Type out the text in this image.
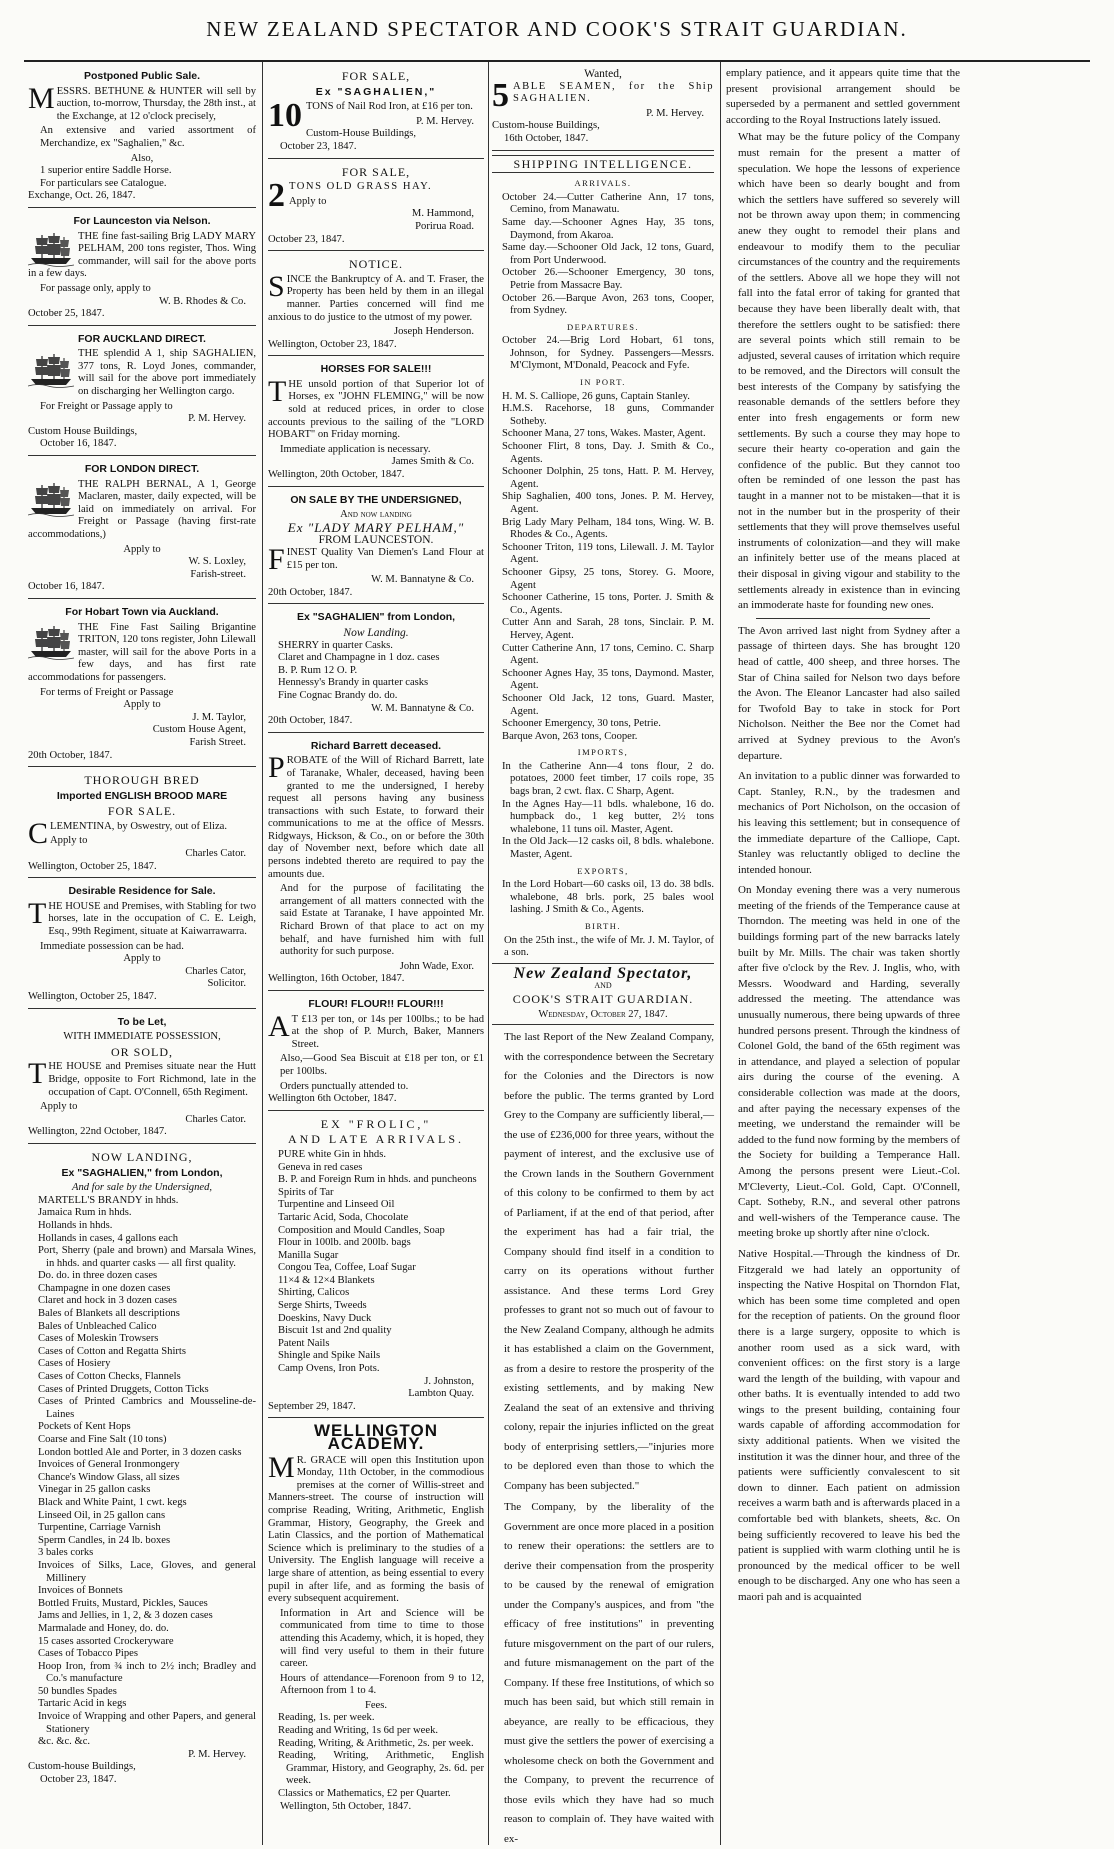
NEW ZEALAND SPECTATOR AND COOK'S STRAIT GUARDIAN.
Postponed Public Sale.
MESSRS. BETHUNE & HUNTER will sell by auction, to-morrow, Thursday, the 28th inst., at the Exchange, at 12 o'clock precisely,
An extensive and varied assortment of Merchandize, ex "Saghalien," &c.
Also,
1 superior entire Saddle Horse.
For particulars see Catalogue.
Exchange, Oct. 26, 1847.
For Launceston via Nelson.
THE fine fast-sailing Brig LADY MARY PELHAM, 200 tons register, Thos. Wing commander, will sail for the above ports in a few days.
For passage only, apply to
W. B. Rhodes & Co.
October 25, 1847.
FOR AUCKLAND DIRECT.
THE splendid A 1, ship SAGHALIEN, 377 tons, R. Loyd Jones, commander, will sail for the above port immediately on discharging her Wellington cargo.
For Freight or Passage apply to
P. M. Hervey.
Custom House Buildings,
October 16, 1847.
FOR LONDON DIRECT.
THE RALPH BERNAL, A 1, George Maclaren, master, daily expected, will be laid on immediately on arrival. For Freight or Passage (having first-rate accommodations,)
Apply to
W. S. Loxley,
Farish-street.
October 16, 1847.
For Hobart Town via Auckland.
THE Fine Fast Sailing Brigantine TRITON, 120 tons register, John Lilewall master, will sail for the above Ports in a few days, and has first rate accommodations for passengers.
For terms of Freight or Passage
Apply to
J. M. Taylor,
Custom House Agent,
Farish Street.
20th October, 1847.
THOROUGH BRED
Imported ENGLISH BROOD MARE
FOR SALE.
CLEMENTINA, by Oswestry, out of Eliza.
Apply to
Charles Cator.
Wellington, October 25, 1847.
Desirable Residence for Sale.
THE HOUSE and Premises, with Stabling for two horses, late in the occupation of C. E. Leigh, Esq., 99th Regiment, situate at Kaiwarrawarra.
Immediate possession can be had.
Apply to
Charles Cator,
Solicitor.
Wellington, October 25, 1847.
To be Let,
WITH IMMEDIATE POSSESSION,
OR SOLD,
THE HOUSE and Premises situate near the Hutt Bridge, opposite to Fort Richmond, late in the occupation of Capt. O'Connell, 65th Regiment.
Apply to
Charles Cator.
Wellington, 22nd October, 1847.
NOW LANDING,
Ex "SAGHALIEN," from London,
And for sale by the Undersigned,
MARTELL'S BRANDY in hhds.
Jamaica Rum in hhds.
Hollands in hhds.
Hollands in cases, 4 gallons each
Port, Sherry (pale and brown) and Marsala Wines, in hhds. and quarter casks — all first quality.
Do. do. in three dozen cases
Champagne in one dozen cases
Claret and hock in 3 dozen cases
Bales of Blankets all descriptions
Bales of Unbleached Calico
Cases of Moleskin Trowsers
Cases of Cotton and Regatta Shirts
Cases of Hosiery
Cases of Cotton Checks, Flannels
Cases of Printed Druggets, Cotton Ticks
Cases of Printed Cambrics and Mousseline-de-Laines
Pockets of Kent Hops
Coarse and Fine Salt (10 tons)
London bottled Ale and Porter, in 3 dozen casks
Invoices of General Ironmongery
Chance's Window Glass, all sizes
Vinegar in 25 gallon casks
Black and White Paint, 1 cwt. kegs
Linseed Oil, in 25 gallon cans
Turpentine, Carriage Varnish
Sperm Candles, in 24 lb. boxes
3 bales corks
Invoices of Silks, Lace, Gloves, and general Millinery
Invoices of Bonnets
Bottled Fruits, Mustard, Pickles, Sauces
Jams and Jellies, in 1, 2, & 3 dozen cases
Marmalade and Honey, do. do.
15 cases assorted Crockeryware
Cases of Tobacco Pipes
Hoop Iron, from ¾ inch to 2½ inch; Bradley and Co.'s manufacture
50 bundles Spades
Tartaric Acid in kegs
Invoice of Wrapping and other Papers, and general Stationery
&c. &c. &c.
P. M. Hervey.
Custom-house Buildings,
October 23, 1847.
FOR SALE,
Ex "SAGHALIEN,"
10 TONS of Nail Rod Iron, at £16 per ton.
P. M. Hervey.
Custom-House Buildings,
October 23, 1847.
FOR SALE,
2 TONS OLD GRASS HAY.
Apply to
M. Hammond,
Porirua Road.
October 23, 1847.
NOTICE.
SINCE the Bankruptcy of A. and T. Fraser, the Property has been held by them in an illegal manner. Parties concerned will find me anxious to do justice to the utmost of my power.
Joseph Henderson.
Wellington, October 23, 1847.
HORSES FOR SALE!!!
THE unsold portion of that Superior lot of Horses, ex "JOHN FLEMING," will be now sold at reduced prices, in order to close accounts previous to the sailing of the "LORD HOBART" on Friday morning.
Immediate application is necessary.
James Smith & Co.
Wellington, 20th October, 1847.
ON SALE BY THE UNDERSIGNED,
And now landing
Ex "LADY MARY PELHAM,"
FROM LAUNCESTON.
FINEST Quality Van Diemen's Land Flour at £15 per ton.
W. M. Bannatyne & Co.
20th October, 1847.
Ex "SAGHALIEN" from London,
Now Landing.
SHERRY in quarter Casks.
Claret and Champagne in 1 doz. cases
B. P. Rum 12 O. P.
Hennessy's Brandy in quarter casks
Fine Cognac Brandy do. do.
W. M. Bannatyne & Co.
20th October, 1847.
Richard Barrett deceased.
PROBATE of the Will of Richard Barrett, late of Taranake, Whaler, deceased, having been granted to me the undersigned, I hereby request all persons having any business transactions with such Estate, to forward their communications to me at the office of Messrs. Ridgways, Hickson, & Co., on or before the 30th day of November next, before which date all persons indebted thereto are required to pay the amounts due.
And for the purpose of facilitating the arrangement of all matters connected with the said Estate at Taranake, I have appointed Mr. Richard Brown of that place to act on my behalf, and have furnished him with full authority for such purpose.
John Wade, Exor.
Wellington, 16th October, 1847.
FLOUR! FLOUR!! FLOUR!!!
AT £13 per ton, or 14s per 100lbs.; to be had at the shop of P. Murch, Baker, Manners Street.
Also,—Good Sea Biscuit at £18 per ton, or £1 per 100lbs.
Orders punctually attended to.
Wellington 6th October, 1847.
EX "FROLIC,"
AND LATE ARRIVALS.
PURE white Gin in hhds.
Geneva in red cases
B. P. and Foreign Rum in hhds. and puncheons
Spirits of Tar
Turpentine and Linseed Oil
Tartaric Acid, Soda, Chocolate
Composition and Mould Candles, Soap
Flour in 100lb. and 200lb. bags
Manilla Sugar
Congou Tea, Coffee, Loaf Sugar
11×4 & 12×4 Blankets
Shirting, Calicos
Serge Shirts, Tweeds
Doeskins, Navy Duck
Biscuit 1st and 2nd quality
Patent Nails
Shingle and Spike Nails
Camp Ovens, Iron Pots.
J. Johnston,
Lambton Quay.
September 29, 1847.
WELLINGTON ACADEMY.
MR. GRACE will open this Institution upon Monday, 11th October, in the commodious premises at the corner of Willis-street and Manners-street. The course of instruction will comprise Reading, Writing, Arithmetic, English Grammar, History, Geography, the Greek and Latin Classics, and the portion of Mathematical Science which is preliminary to the studies of a University. The English language will receive a large share of attention, as being essential to every pupil in after life, and as forming the basis of every subsequent acquirement.
Information in Art and Science will be communicated from time to time to those attending this Academy, which, it is hoped, they will find very useful to them in their future career.
Hours of attendance—Forenoon from 9 to 12, Afternoon from 1 to 4.
Fees.
Reading, 1s. per week.
Reading and Writing, 1s 6d per week.
Reading, Writing, & Arithmetic, 2s. per week.
Reading, Writing, Arithmetic, English Grammar, History, and Geography, 2s. 6d. per week.
Classics or Mathematics, £2 per Quarter.
Wellington, 5th October, 1847.
Wanted,
5 ABLE SEAMEN, for the Ship SAGHALIEN.
P. M. Hervey.
Custom-house Buildings,
16th October, 1847.
SHIPPING INTELLIGENCE.
ARRIVALS.
October 24.—Cutter Catherine Ann, 17 tons, Cemino, from Manawatu.
Same day.—Schooner Agnes Hay, 35 tons, Daymond, from Akaroa.
Same day.—Schooner Old Jack, 12 tons, Guard, from Port Underwood.
October 26.—Schooner Emergency, 30 tons, Petrie from Massacre Bay.
October 26.—Barque Avon, 263 tons, Cooper, from Sydney.
DEPARTURES.
October 24.—Brig Lord Hobart, 61 tons, Johnson, for Sydney. Passengers—Messrs. M'Clymont, M'Donald, Peacock and Fyfe.
IN PORT.
H. M. S. Calliope, 26 guns, Captain Stanley.
H.M.S. Racehorse, 18 guns, Commander Sotheby.
Schooner Mana, 27 tons, Wakes. Master, Agent.
Schooner Flirt, 8 tons, Day. J. Smith & Co., Agents.
Schooner Dolphin, 25 tons, Hatt. P. M. Hervey, Agent.
Ship Saghalien, 400 tons, Jones. P. M. Hervey, Agent.
Brig Lady Mary Pelham, 184 tons, Wing. W. B. Rhodes & Co., Agents.
Schooner Triton, 119 tons, Lilewall. J. M. Taylor Agent.
Schooner Gipsy, 25 tons, Storey. G. Moore, Agent
Schooner Catherine, 15 tons, Porter. J. Smith & Co., Agents.
Cutter Ann and Sarah, 28 tons, Sinclair. P. M. Hervey, Agent.
Cutter Catherine Ann, 17 tons, Cemino. C. Sharp Agent.
Schooner Agnes Hay, 35 tons, Daymond. Master, Agent.
Schooner Old Jack, 12 tons, Guard. Master, Agent.
Schooner Emergency, 30 tons, Petrie.
Barque Avon, 263 tons, Cooper.
IMPORTS,
In the Catherine Ann—4 tons flour, 2 do. potatoes, 2000 feet timber, 17 coils rope, 35 bags bran, 2 cwt. flax. C Sharp, Agent.
In the Agnes Hay—11 bdls. whalebone, 16 do. humpback do., 1 keg butter, 2½ tons whalebone, 11 tuns oil. Master, Agent.
In the Old Jack—12 casks oil, 8 bdls. whalebone. Master, Agent.
EXPORTS,
In the Lord Hobart—60 casks oil, 13 do. 38 bdls. whalebone, 48 brls. pork, 25 bales wool lashing. J Smith & Co., Agents.
BIRTH.
On the 25th inst., the wife of Mr. J. M. Taylor, of a son.
New Zealand Spectator,
AND
COOK'S STRAIT GUARDIAN.
Wednesday, October 27, 1847.
The last Report of the New Zealand Company, with the correspondence between the Secretary for the Colonies and the Directors is now before the public. The terms granted by Lord Grey to the Company are sufficiently liberal,—the use of £236,000 for three years, without the payment of interest, and the exclusive use of the Crown lands in the Southern Government of this colony to be confirmed to them by act of Parliament, if at the end of that period, after the experiment has had a fair trial, the Company should find itself in a condition to carry on its operations without further assistance. And these terms Lord Grey professes to grant not so much out of favour to the New Zealand Company, although he admits it has established a claim on the Government, as from a desire to restore the prosperity of the existing settlements, and by making New Zealand the seat of an extensive and thriving colony, repair the injuries inflicted on the great body of enterprising settlers,—"injuries more to be deplored even than those to which the Company has been subjected."
The Company, by the liberality of the Government are once more placed in a position to renew their operations: the settlers are to derive their compensation from the prosperity to be caused by the renewal of emigration under the Company's auspices, and from "the efficacy of free institutions" in preventing future misgovernment on the part of our rulers, and future mismanagement on the part of the Company. If these free Institutions, of which so much has been said, but which still remain in abeyance, are really to be efficacious, they must give the settlers the power of exercising a wholesome check on both the Government and the Company, to prevent the recurrence of those evils which they have had so much reason to complain of. They have waited with ex-
emplary patience, and it appears quite time that the present provisional arrangement should be superseded by a permanent and settled government according to the Royal Instructions lately issued.
What may be the future policy of the Company must remain for the present a matter of speculation. We hope the lessons of experience which have been so dearly bought and from which the settlers have suffered so severely will not be thrown away upon them; in commencing anew they ought to remodel their plans and endeavour to modify them to the peculiar circumstances of the country and the requirements of the settlers. Above all we hope they will not fall into the fatal error of taking for granted that because they have been liberally dealt with, that therefore the settlers ought to be satisfied: there are several points which still remain to be adjusted, several causes of irritation which require to be removed, and the Directors will consult the best interests of the Company by satisfying the reasonable demands of the settlers before they enter into fresh engagements or form new settlements. By such a course they may hope to secure their hearty co-operation and gain the confidence of the public. But they cannot too often be reminded of one lesson the past has taught in a manner not to be mistaken—that it is not in the number but in the prosperity of their settlements that they will prove themselves useful instruments of colonization—and they will make an infinitely better use of the means placed at their disposal in giving vigour and stability to the settlements already in existence than in evincing an immoderate haste for founding new ones.
The Avon arrived last night from Sydney after a passage of thirteen days. She has brought 120 head of cattle, 400 sheep, and three horses. The Star of China sailed for Nelson two days before the Avon. The Eleanor Lancaster had also sailed for Twofold Bay to take in stock for Port Nicholson. Neither the Bee nor the Comet had arrived at Sydney previous to the Avon's departure.
An invitation to a public dinner was forwarded to Capt. Stanley, R.N., by the tradesmen and mechanics of Port Nicholson, on the occasion of his leaving this settlement; but in consequence of the immediate departure of the Calliope, Capt. Stanley was reluctantly obliged to decline the intended honour.
On Monday evening there was a very numerous meeting of the friends of the Temperance cause at Thorndon. The meeting was held in one of the buildings forming part of the new barracks lately built by Mr. Mills. The chair was taken shortly after five o'clock by the Rev. J. Inglis, who, with Messrs. Woodward and Harding, severally addressed the meeting. The attendance was unusually numerous, there being upwards of three hundred persons present. Through the kindness of Colonel Gold, the band of the 65th regiment was in attendance, and played a selection of popular airs during the course of the evening. A considerable collection was made at the doors, and after paying the necessary expenses of the meeting, we understand the remainder will be added to the fund now forming by the members of the Society for building a Temperance Hall. Among the persons present were Lieut.-Col. M'Cleverty, Lieut.-Col. Gold, Capt. O'Connell, Capt. Sotheby, R.N., and several other patrons and well-wishers of the Temperance cause. The meeting broke up shortly after nine o'clock.
Native Hospital.—Through the kindness of Dr. Fitzgerald we had lately an opportunity of inspecting the Native Hospital on Thorndon Flat, which has been some time completed and open for the reception of patients. On the ground floor there is a large surgery, opposite to which is another room used as a sick ward, with convenient offices: on the first story is a large ward the length of the building, with vapour and other baths. It is eventually intended to add two wings to the present building, containing four wards capable of affording accommodation for sixty additional patients. When we visited the institution it was the dinner hour, and three of the patients were sufficiently convalescent to sit down to dinner. Each patient on admission receives a warm bath and is afterwards placed in a comfortable bed with blankets, sheets, &c. On being sufficiently recovered to leave his bed the patient is supplied with warm clothing until he is pronounced by the medical officer to be well enough to be discharged. Any one who has seen a maori pah and is acquainted
